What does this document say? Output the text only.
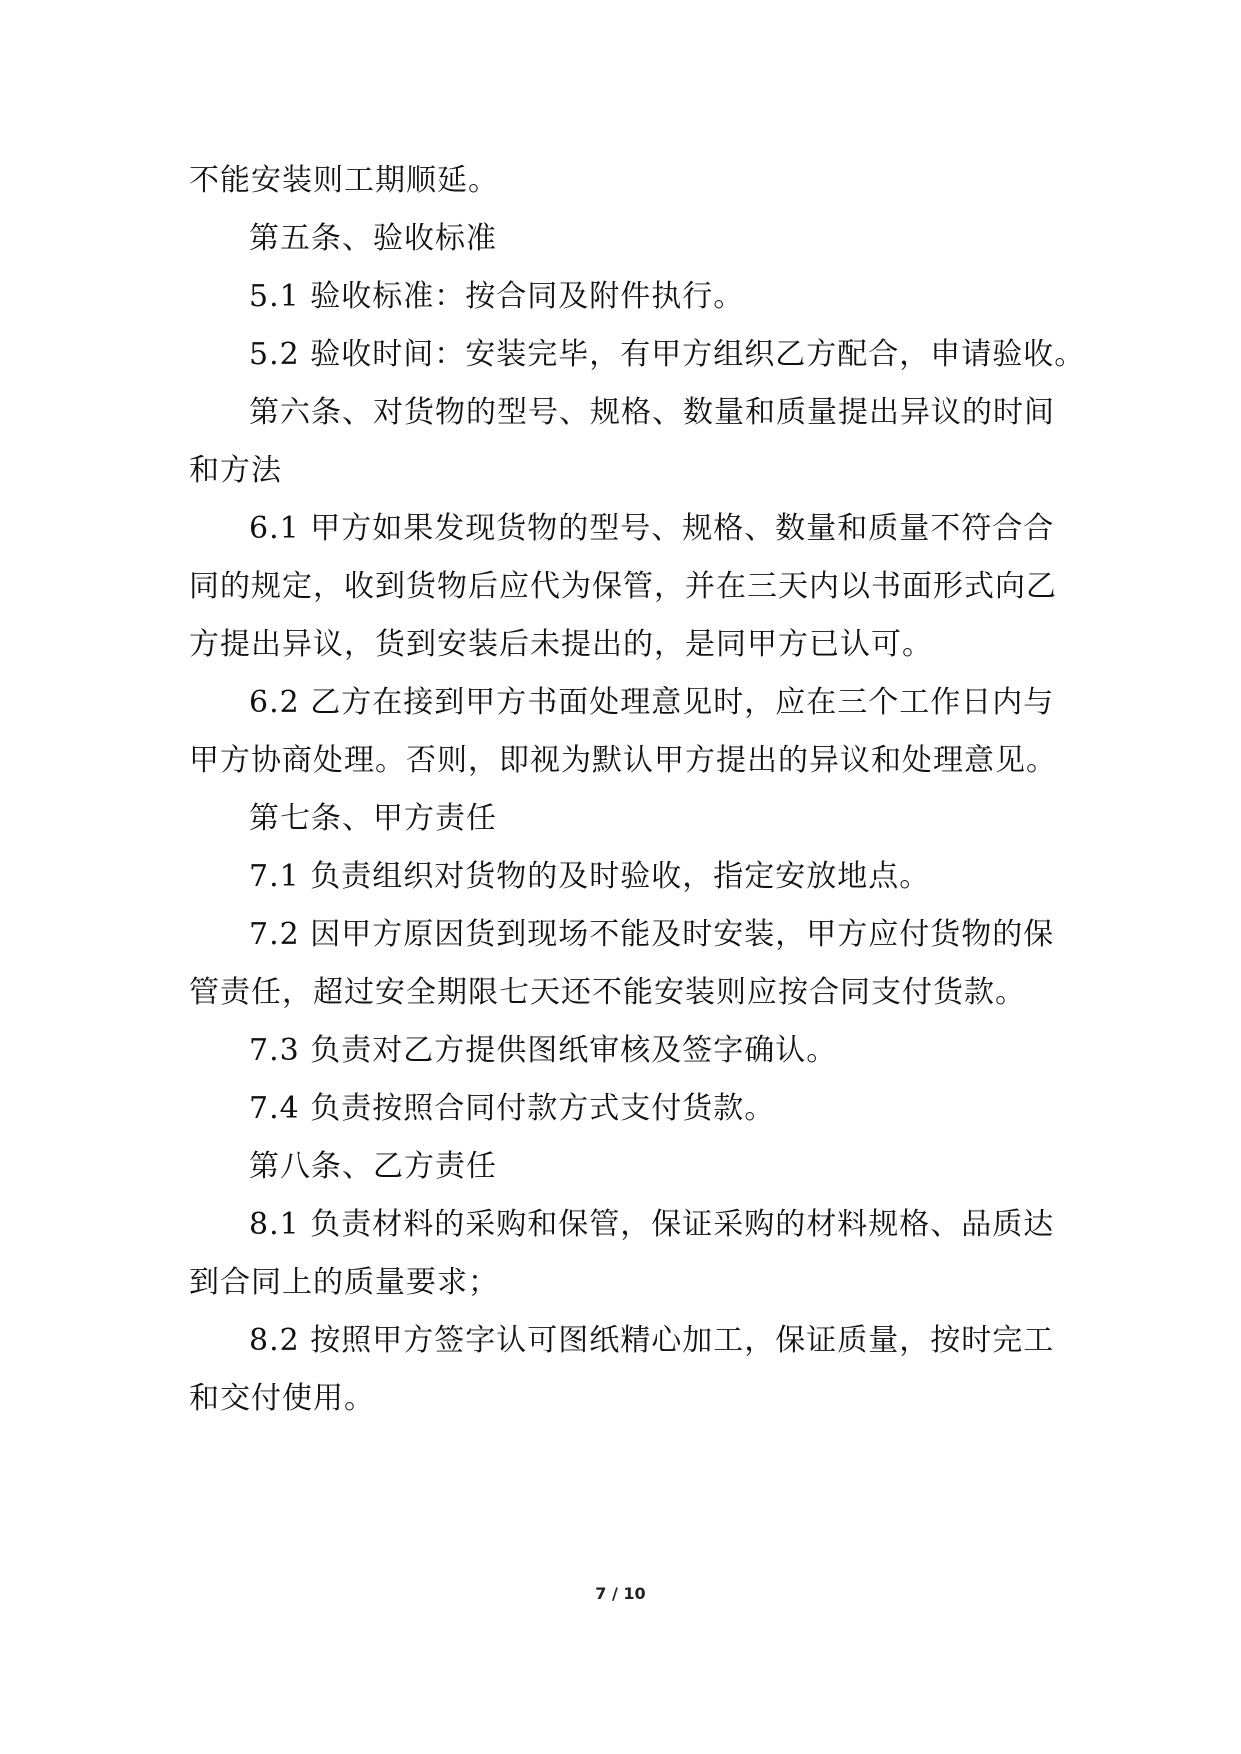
不能安装则工期顺延。
第五条、验收标准
5.1 验收标准：按合同及附件执行。
5.2 验收时间：安装完毕，有甲方组织乙方配合，申请验收。
第六条、对货物的型号、规格、数量和质量提出异议的时间
和方法
6.1 甲方如果发现货物的型号、规格、数量和质量不符合合
同的规定，收到货物后应代为保管，并在三天内以书面形式向乙
方提出异议，货到安装后未提出的，是同甲方已认可。
6.2 乙方在接到甲方书面处理意见时，应在三个工作日内与
甲方协商处理。否则，即视为默认甲方提出的异议和处理意见。
第七条、甲方责任
7.1 负责组织对货物的及时验收，指定安放地点。
7.2 因甲方原因货到现场不能及时安装，甲方应付货物的保
管责任，超过安全期限七天还不能安装则应按合同支付货款。
7.3 负责对乙方提供图纸审核及签字确认。
7.4 负责按照合同付款方式支付货款。
第八条、乙方责任
8.1 负责材料的采购和保管，保证采购的材料规格、品质达
到合同上的质量要求；
8.2 按照甲方签字认可图纸精心加工，保证质量，按时完工
和交付使用。
7 / 10
